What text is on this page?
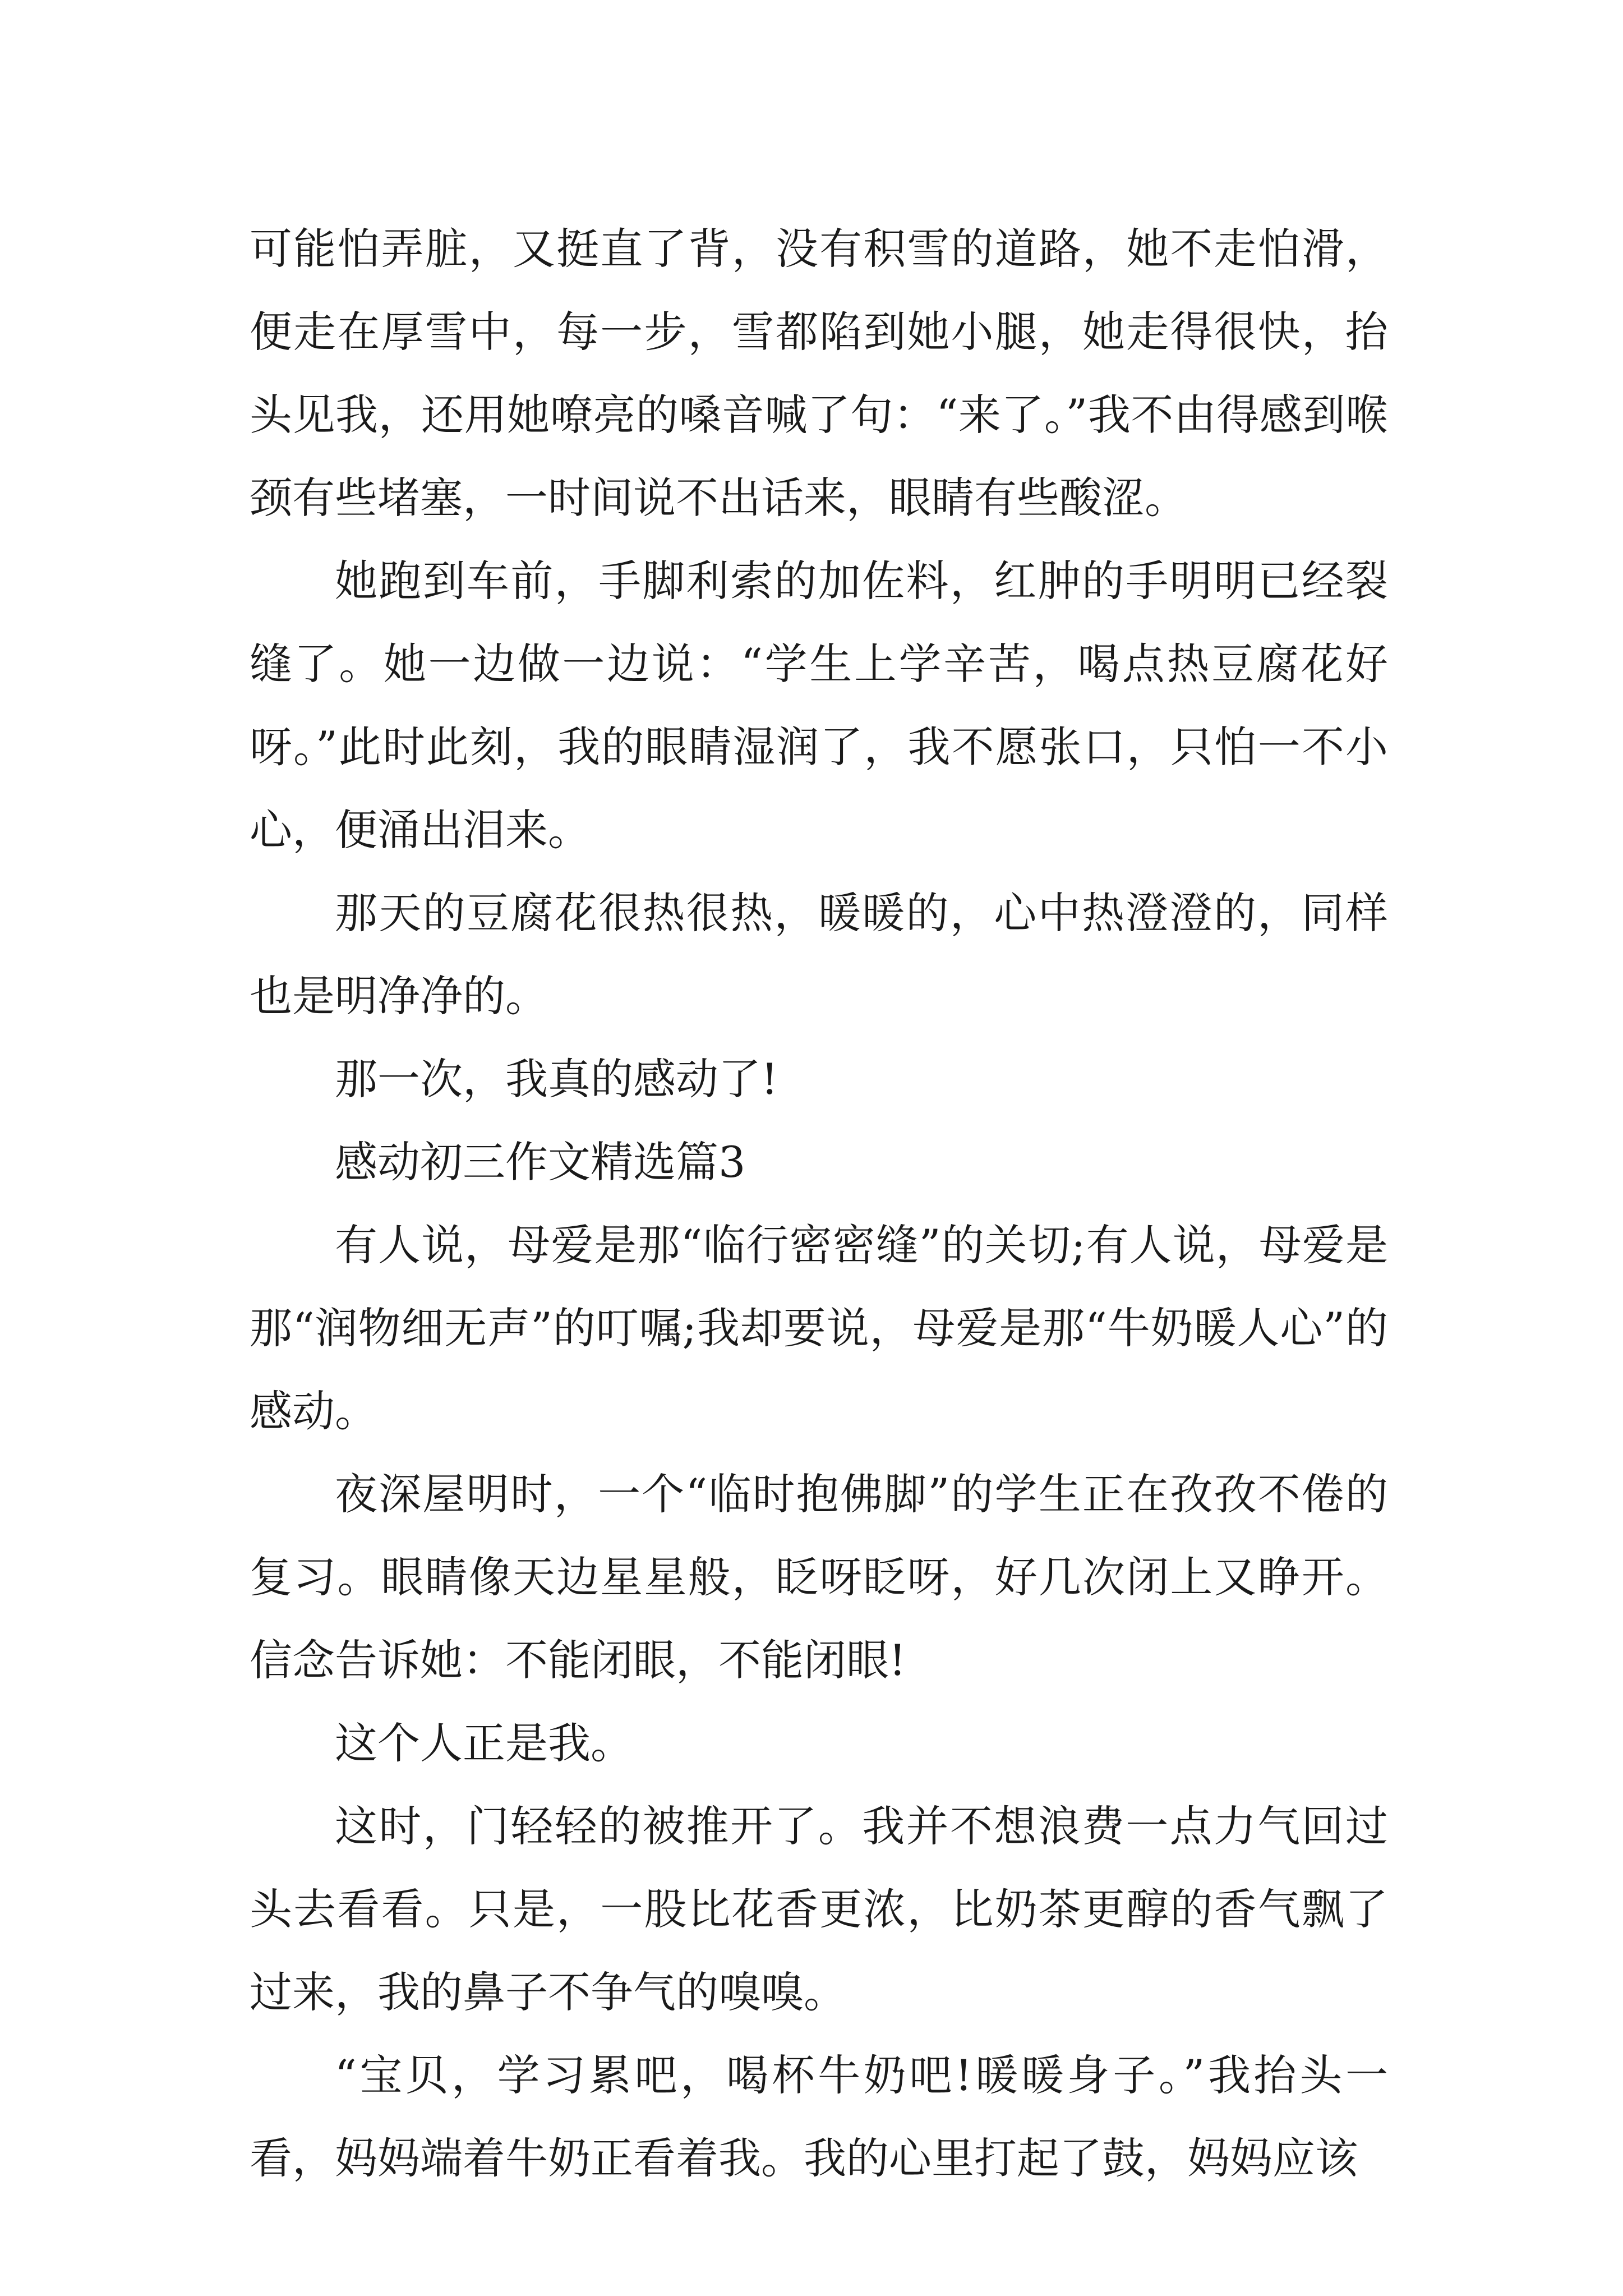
可能怕弄脏，又挺直了背，没有积雪的道路，她不走怕滑，便走在厚雪中，每一步，雪都陷到她小腿，她走得很快，抬头见我，还用她嘹亮的嗓音喊了句：“来了。”我不由得感到喉颈有些堵塞，一时间说不出话来，眼睛有些酸涩。

她跑到车前，手脚利索的加佐料，红肿的手明明已经裂缝了。她一边做一边说：“学生上学辛苦，喝点热豆腐花好呀。”此时此刻，我的眼睛湿润了，我不愿张口，只怕一不小心，便涌出泪来。

那天的豆腐花很热很热，暖暖的，心中热澄澄的，同样也是明净净的。

那一次，我真的感动了!

感动初三作文精选篇3

有人说，母爱是那“临行密密缝”的关切;有人说，母爱是那“润物细无声”的叮嘱;我却要说，母爱是那“牛奶暖人心”的感动。

夜深屋明时，一个“临时抱佛脚”的学生正在孜孜不倦的复习。眼睛像天边星星般，眨呀眨呀，好几次闭上又睁开。信念告诉她：不能闭眼，不能闭眼!

这个人正是我。

这时，门轻轻的被推开了。我并不想浪费一点力气回过头去看看。只是，一股比花香更浓，比奶茶更醇的香气飘了过来，我的鼻子不争气的嗅嗅。

“宝贝，学习累吧，喝杯牛奶吧!暖暖身子。”我抬头一看，妈妈端着牛奶正看着我。我的心里打起了鼓，妈妈应该
